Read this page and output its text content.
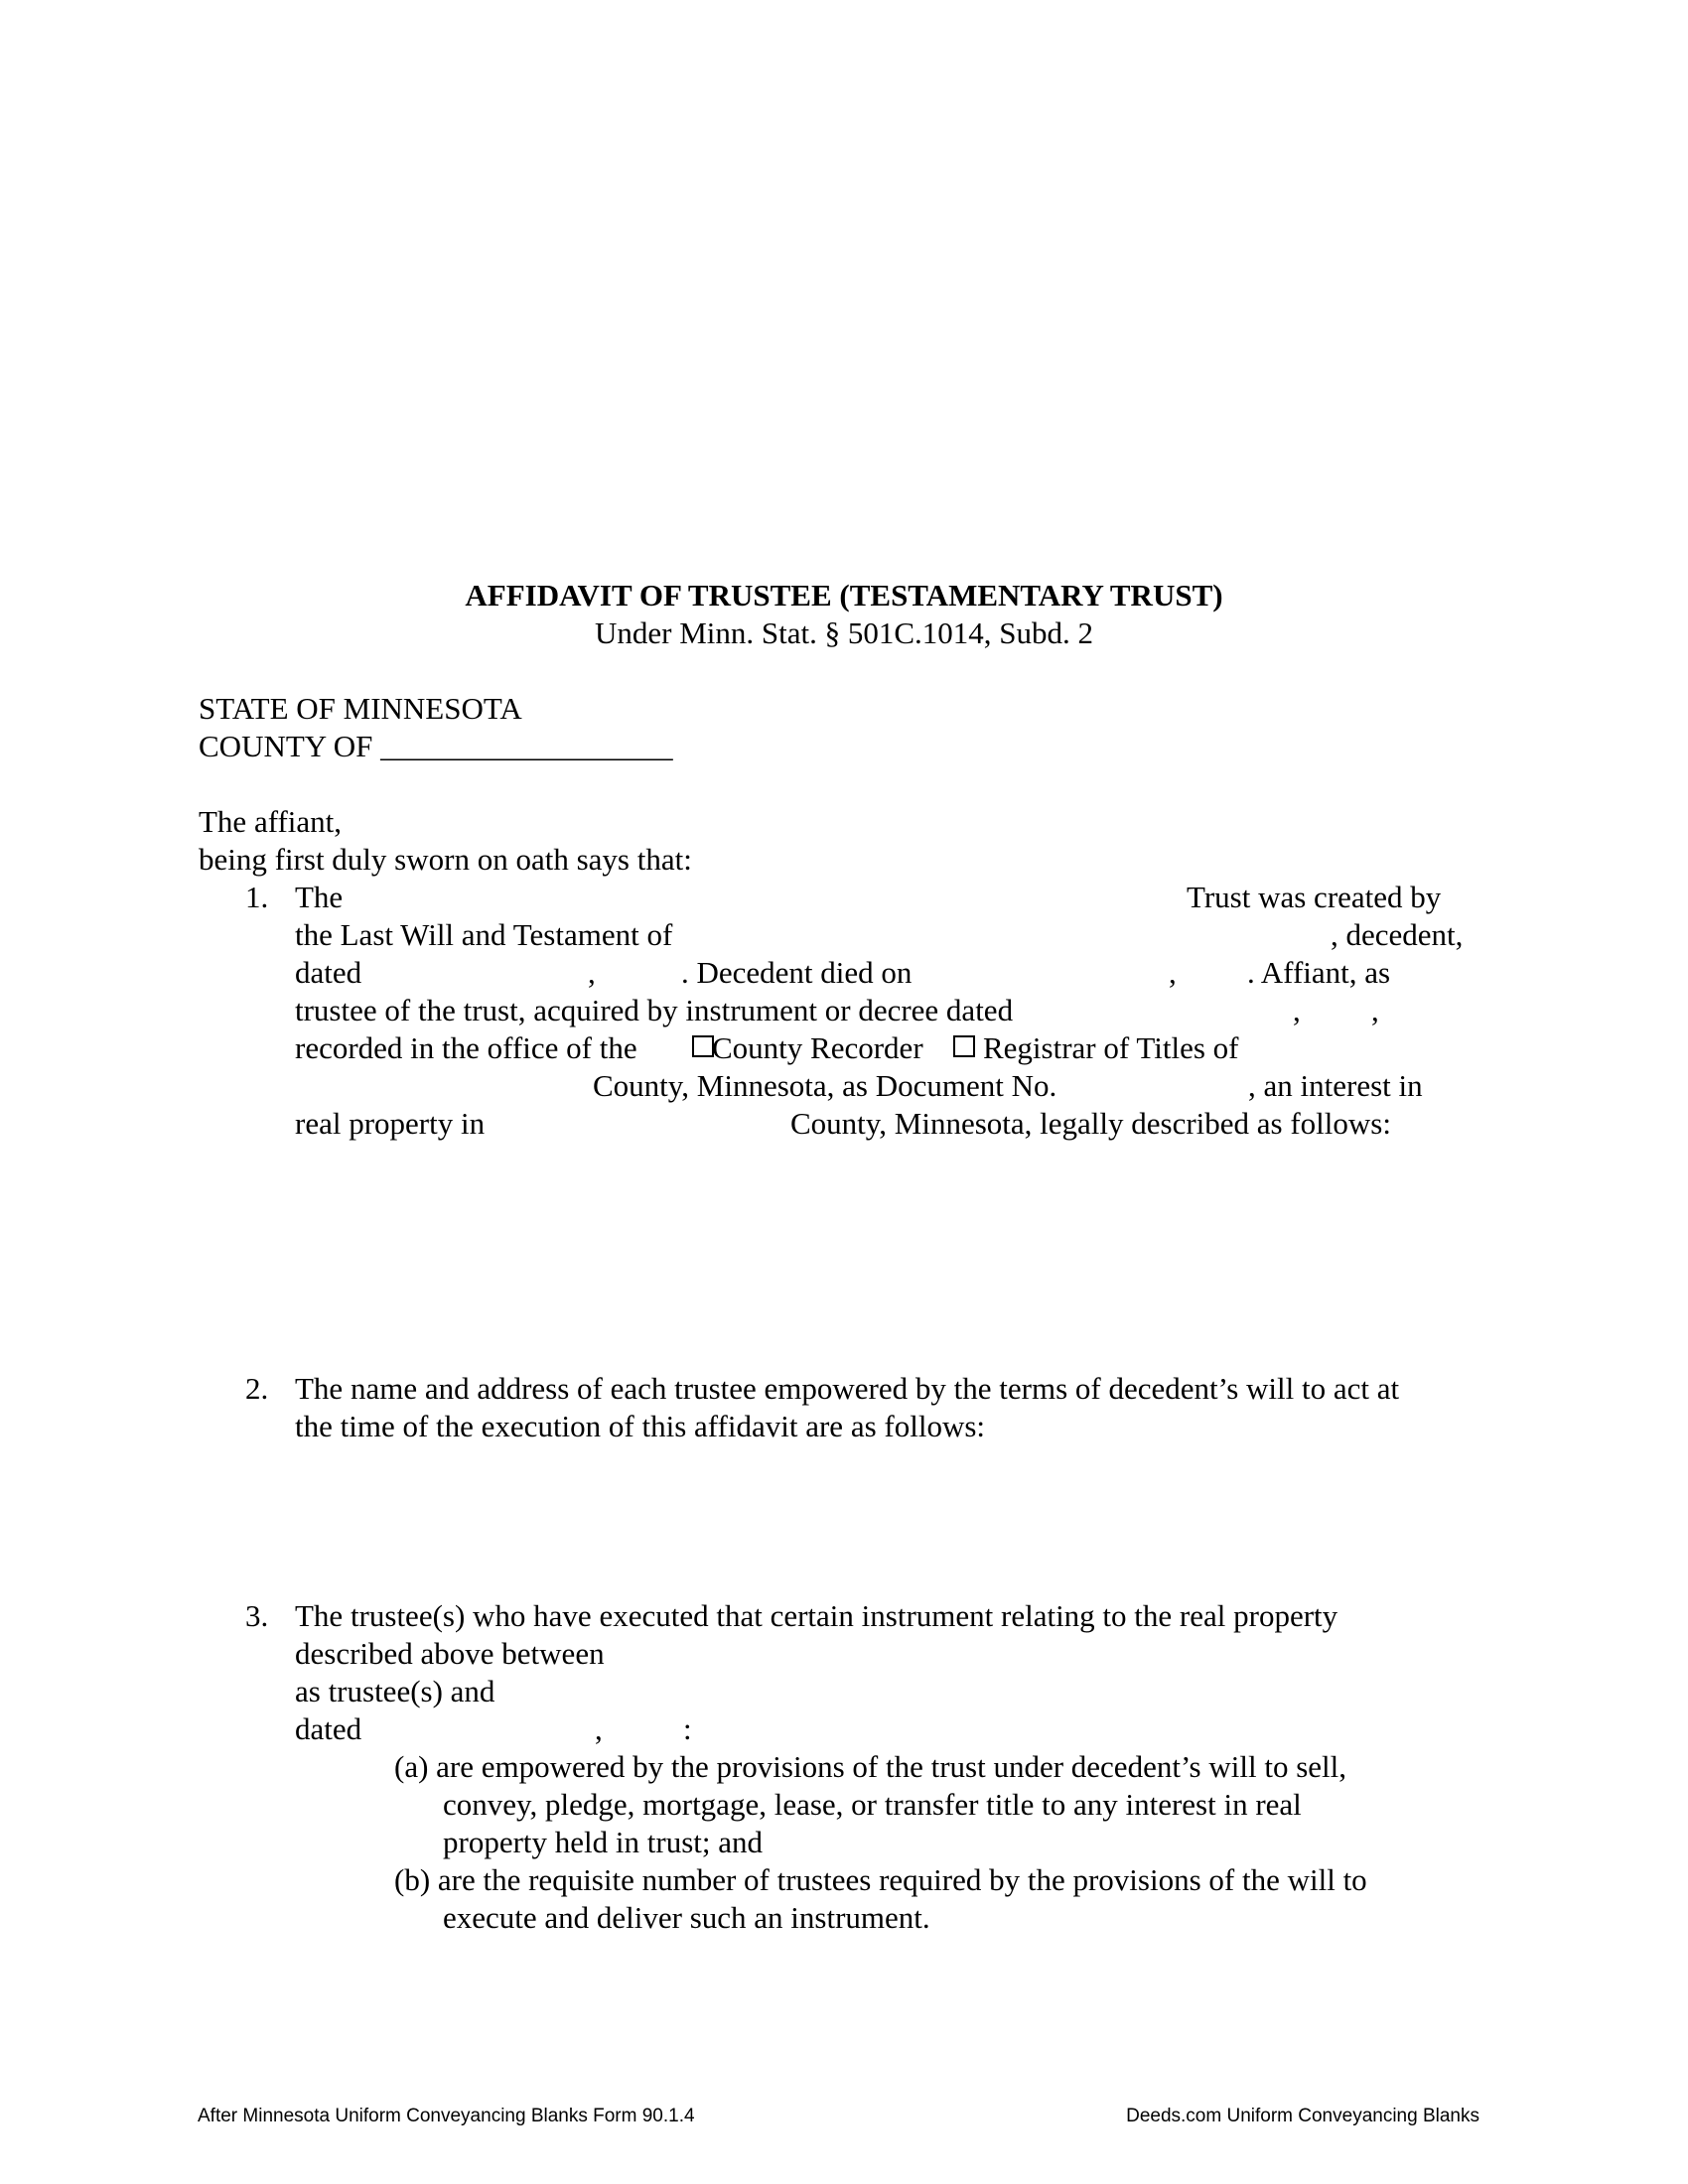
AFFIDAVIT OF TRUSTEE (TESTAMENTARY TRUST)
Under Minn. Stat. § 501C.1014, Subd. 2
STATE OF MINNESOTA
COUNTY OF ___________________
The affiant,
being first duly sworn on oath says that:
1. The	Trust was created by
the Last Will and Testament of	, decedent,
dated	,	. Decedent died on	, . Affiant, as
trustee of the trust, acquired by instrument or decree dated	, ,
recorded in the office of the County Recorder Registrar of Titles of
County, Minnesota, as Document No.	, an interest in
real property in	County, Minnesota, legally described as follows:
2. The name and address of each trustee empowered by the terms of decedent’s will to act at
the time of the execution of this affidavit are as follows:
3. The trustee(s) who have executed that certain instrument relating to the real property
described above between
as trustee(s) and
dated	,	:
(a) are empowered by the provisions of the trust under decedent’s will to sell,
convey, pledge, mortgage, lease, or transfer title to any interest in real
property held in trust; and
(b) are the requisite number of trustees required by the provisions of the will to
execute and deliver such an instrument.
After Minnesota Uniform Conveyancing Blanks Form 90.1.4	Deeds.com Uniform Conveyancing Blanks
